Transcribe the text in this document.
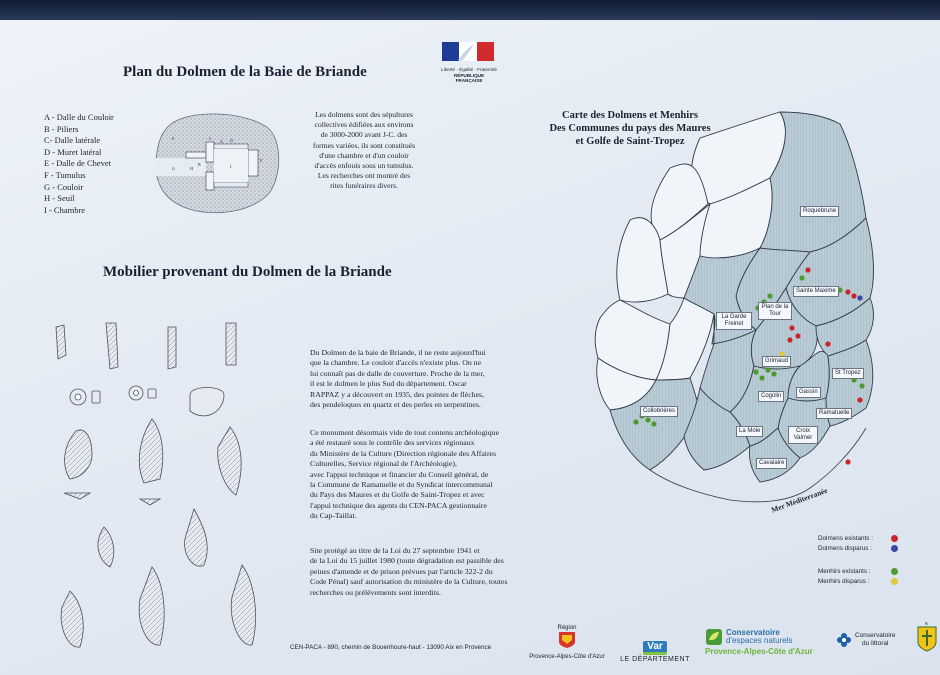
Liberté · Égalité · Fraternité
RÉPUBLIQUE FRANÇAISE
Plan du Dolmen de la Baie de Briande
A - Dalle du Couloir
B - Piliers
C- Dalle latérale
D - Muret latéral
E - Dalle de Chevet
F - Tumulus
G - Couloir
H - Seuil
I - Chambre
A
B
C	D
E
F
G	H	I
Les dolmens sont des sépultures
collectives édifiées aux environs
de 3000-2000 avant J-C. des
formes variées, ils sont constitués
d'une chambre et d'un couloir
d'accès enfouis sous un tumulus.
Les recherches ont montré des
rites funéraires divers.
Mobilier provenant du Dolmen de la Briande
Du Dolmen de la baie de Briande, il ne reste aujourd'hui
que la chambre. Le couloir d'accès n'existe plus. On ne
lui connaît pas de dalle de couverture. Proche de la mer,
il est le dolmen le plus Sud du département. Oscar
RAPPAZ y a découvert en 1935, des pointes de flèches,
des pendeloques en quartz et des perles en serpentines.
Ce monument désormais vide de tout contenu archéologique
a été restauré sous le contrôle des services régionaux
du Ministère de la Culture (Direction régionale des Affaires
Culturelles, Service régional de l'Archéologie),
avec l'appui technique et financier du Conseil général, de
la Commune de Ramatuelle et du Syndicat intercommunal
du Pays des Maures et du Golfe de Saint-Tropez et avec
l'appui technique des agents du CEN-PACA gestionnaire
du Cap-Taillat.
Site protégé au titre de la Loi du 27 septembre 1941 et
de la Loi du 15 juillet 1980 (toute dégradation est passible des
peines d'amende et de prison prévues par l'article 322-2 du
Code Pénal) sauf autorisation du ministère de la Culture, toutes
recherches ou prélèvements sont interdits.
Carte des Dolmens et Menhirs
Des Communes du pays des Maures
et Golfe de Saint-Tropez
Roquebrune
Sainte Maxime
Plan de la Tour
La Garde Freinet
Grimaud
St Tropez
Cogolin
Gassin
Ramatuelle
Collobrières
La Mole	Croix Valmer
Cavalaire
Mer Méditerranée
Dolmens existants :
Dolmens disparus :
Menhirs existants :
Menhirs disparus :
CEN-PACA - 890, chemin de Bouenhoure-haut - 13090 Aix en Provence
Région
Provence-Alpes-Côte d'Azur
Var
LE DÉPARTEMENT
Conservatoire
d'espaces naturels
Provence-Alpes-Côte d'Azur
Conservatoire
du littoral
